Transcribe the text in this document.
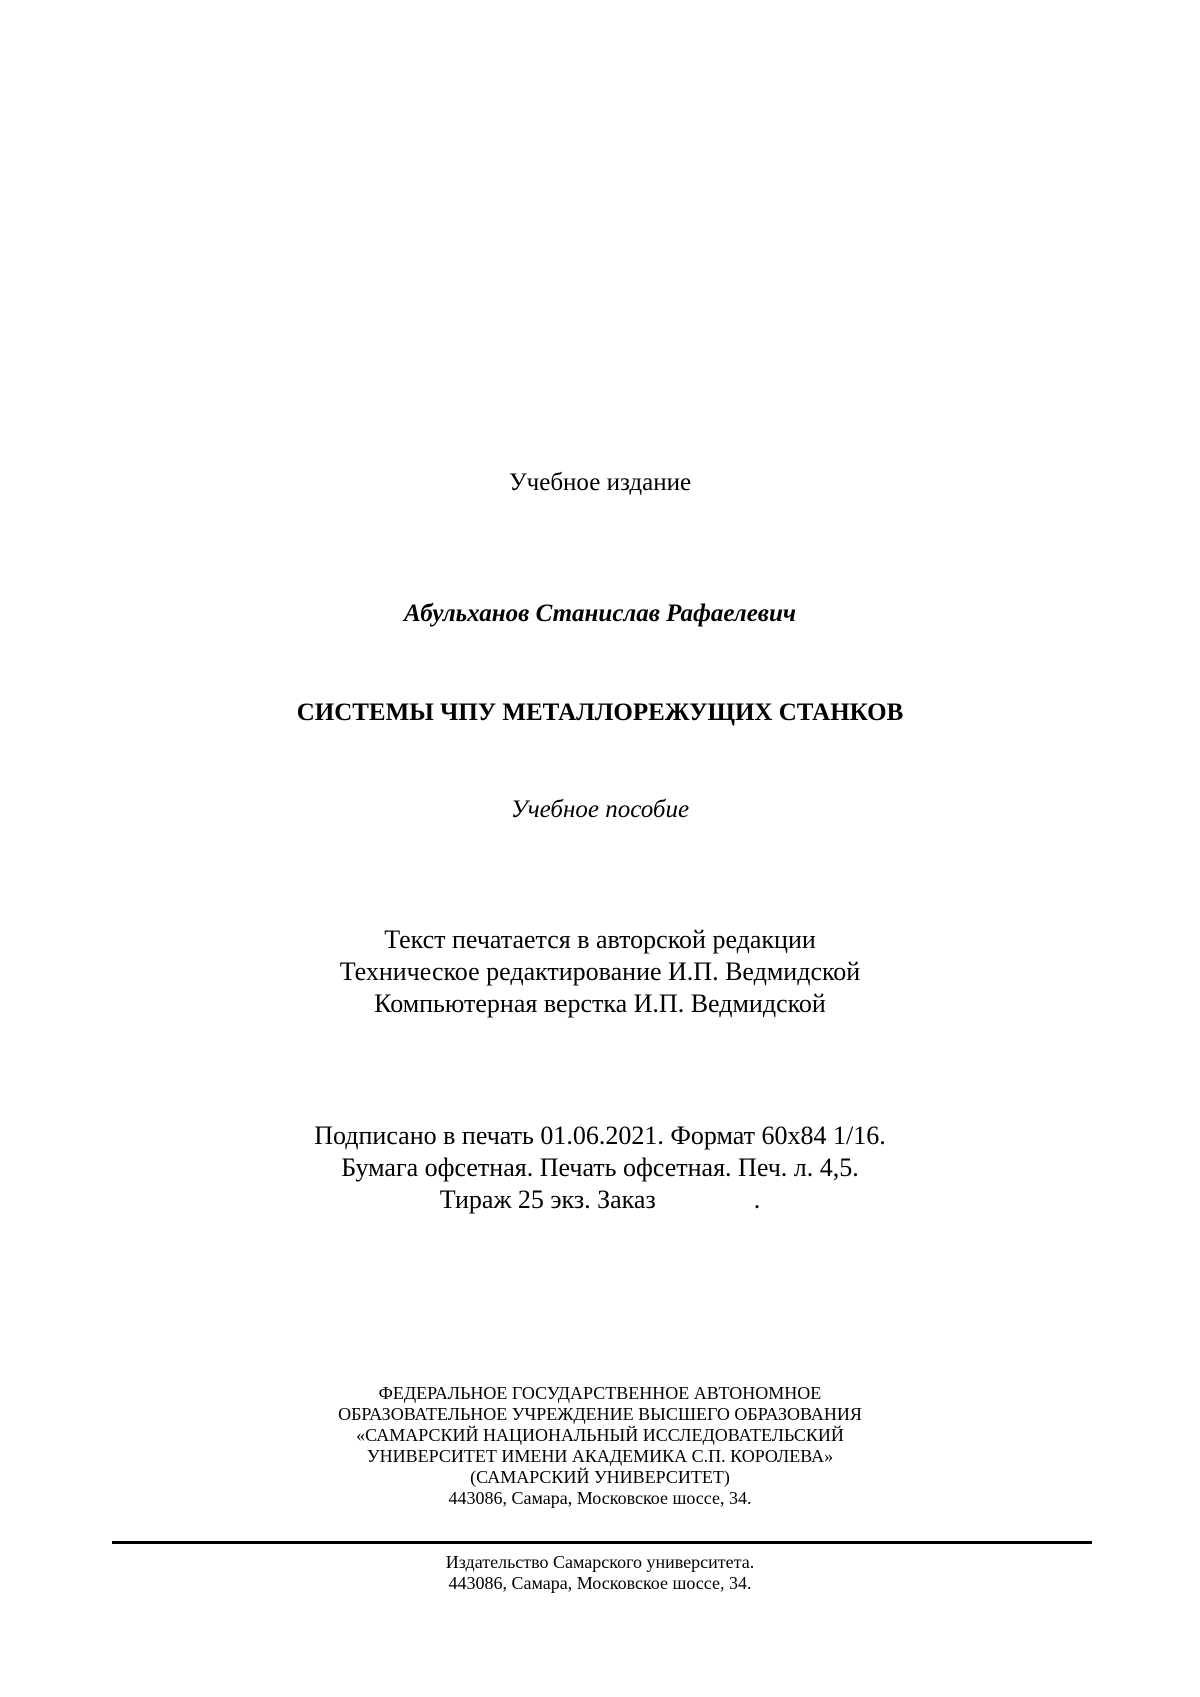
Учебное издание
Абульханов Станислав Рафаелевич
СИСТЕМЫ ЧПУ МЕТАЛЛОРЕЖУЩИХ СТАНКОВ
Учебное пособие
Текст печатается в авторской редакции
Техническое редактирование И.П. Ведмидской
Компьютерная верстка И.П. Ведмидской
Подписано в печать 01.06.2021. Формат 60х84 1/16.
Бумага офсетная. Печать офсетная. Печ. л. 4,5.
Тираж 25 экз. Заказ	.
ФЕДЕРАЛЬНОЕ ГОСУДАРСТВЕННОЕ АВТОНОМНОЕ
ОБРАЗОВАТЕЛЬНОЕ УЧРЕЖДЕНИЕ ВЫСШЕГО ОБРАЗОВАНИЯ
«САМАРСКИЙ НАЦИОНАЛЬНЫЙ ИССЛЕДОВАТЕЛЬСКИЙ
УНИВЕРСИТЕТ ИМЕНИ АКАДЕМИКА С.П. КОРОЛЕВА»
(САМАРСКИЙ УНИВЕРСИТЕТ)
443086, Самара, Московское шоссе, 34.
Издательство Самарского университета.
443086, Самара, Московское шоссе, 34.
